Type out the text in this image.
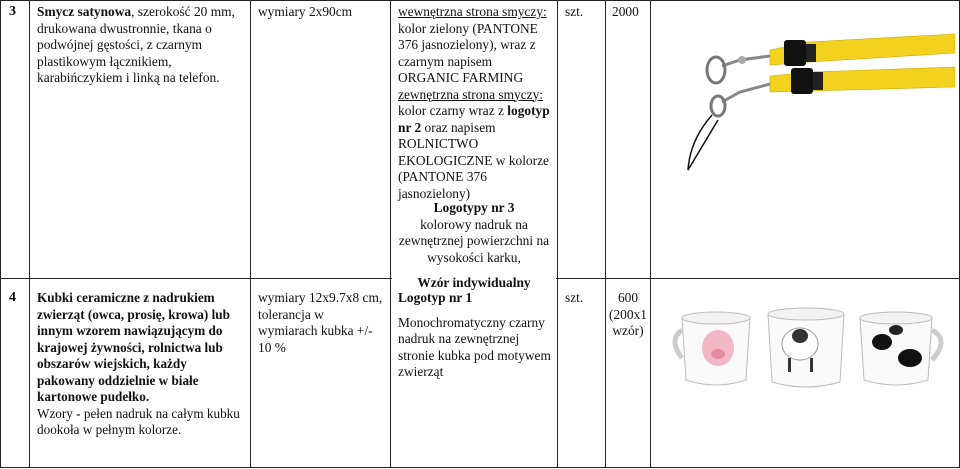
3 Smycz satynowa, szerokość 20 mm, drukowana dwustronnie, tkana o podwójnej gęstości, z czarnym plastikowym łącznikiem, karabińczykiem i linką na telefon.
wymiary 2x90cm	wewnętrzna strona smyczy: kolor zielony (PANTONE 376 jasnozielony), wraz z czarnym napisem ORGANIC FARMING
zewnętrzna strona smyczy: kolor czarny wraz z logotyp nr 2 oraz napisem ROLNICTWO EKOLOGICZNE w kolorze (PANTONE 376 jasnozielony)
Logotypy nr 3
kolorowy nadruk na zewnętrznej powierzchni na wysokości karku,
Wzór indywidualny
szt. 2000
4 Kubki ceramiczne z nadrukiem zwierząt (owca, prosię, krowa) lub innym wzorem nawiązującym do krajowej żywności, rolnictwa lub obszarów wiejskich, każdy pakowany oddzielnie w białe kartonowe pudełko.
Wzory - pełen nadruk na całym kubku dookoła w pełnym kolorze.
wymiary 12x9.7x8 cm, tolerancja w wymiarach kubka +/- 10 %
Logotyp nr 1

Monochromatyczny czarny nadruk na zewnętrznej stronie kubka pod motywem zwierząt
szt.	600 (200x1 wzór)
